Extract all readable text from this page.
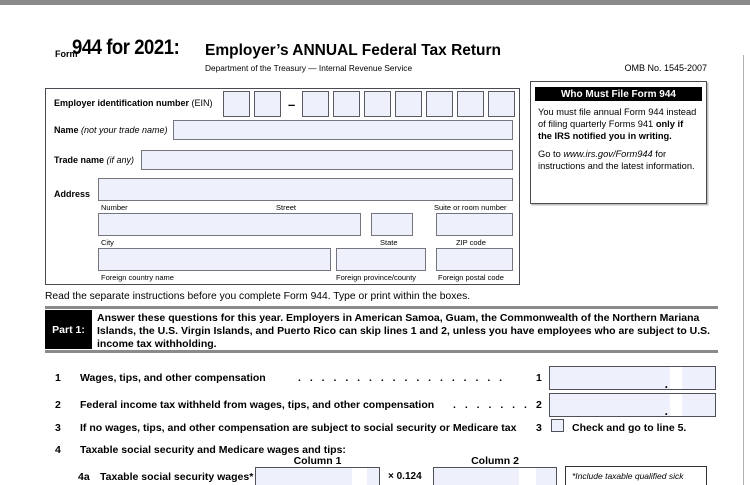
Form
944 for 2021: Employer’s ANNUAL Federal Tax Return
Department of the Treasury — Internal Revenue Service	OMB No. 1545-2007
Employer identification number (EIN)	–
Name (not your trade name)
Trade name (if any)
Address
Number	Street	Suite or room number
City	State	ZIP code
Foreign country name	Foreign province/county	Foreign postal code
Who Must File Form 944

You must file annual Form 944 instead of filing quarterly Forms 941 only if the IRS notified you in writing.

Go to www.irs.gov/Form944 for instructions and the latest information.

Read the separate instructions before you complete Form 944. Type or print within the boxes.
Part 1:
Answer these questions for this year. Employers in American Samoa, Guam, the Commonwealth of the Northern Mariana Islands, the U.S. Virgin Islands, and Puerto Rico can skip lines 1 and 2, unless you have employees who are subject to U.S. income tax withholding.
1 Wages, tips, and other compensation	. . . . . . . . . . . . . . . . . .	1	.
2 Federal income tax withheld from wages, tips, and other compensation . . . . . . . 2	.
3 If no wages, tips, and other compensation are subject to social security or Medicare tax 3	Check and go to line 5.
4 Taxable social security and Medicare wages and tips:
Column 1	Column 2
4a Taxable social security wages*	× 0.124	*Include taxable qualified sick
